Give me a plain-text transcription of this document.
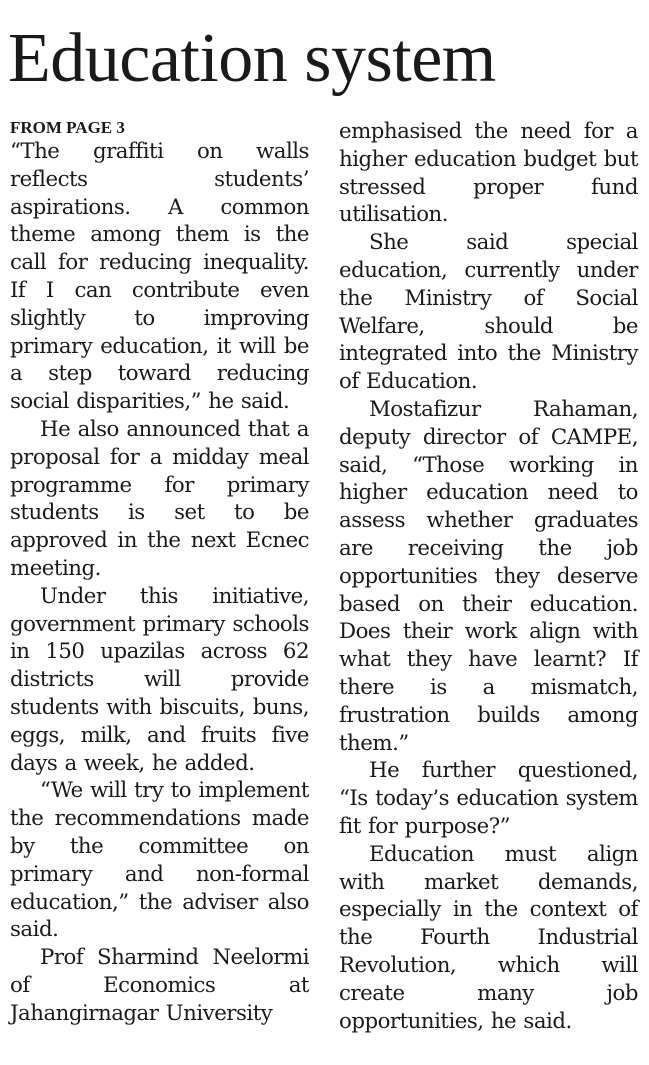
Education system
FROM PAGE 3

“The graffiti on walls reflects students’ aspirations. A common theme among them is the call for reducing inequality. If I can contribute even slightly to improving primary education, it will be a step toward reducing social disparities,” he said.

He also announced that a proposal for a midday meal programme for primary students is set to be approved in the next Ecnec meeting.

Under this initiative, government primary schools in 150 upazilas across 62 districts will provide students with biscuits, buns, eggs, milk, and fruits five days a week, he added.

“We will try to implement the recommendations made by the committee on primary and non-formal education,” the adviser also said.

Prof Sharmind Neelormi of Economics at Jahangirnagar University

emphasised the need for a higher education budget but stressed proper fund utilisation.

She said special education, currently under the Ministry of Social Welfare, should be integrated into the Ministry of Education.

Mostafizur Rahaman, deputy director of CAMPE, said, “Those working in higher education need to assess whether graduates are receiving the job opportunities they deserve based on their education. Does their work align with what they have learnt? If there is a mismatch, frustration builds among them.”

He further questioned, “Is today’s education system fit for purpose?”

Education must align with market demands, especially in the context of the Fourth Industrial Revolution, which will create many job opportunities, he said.
